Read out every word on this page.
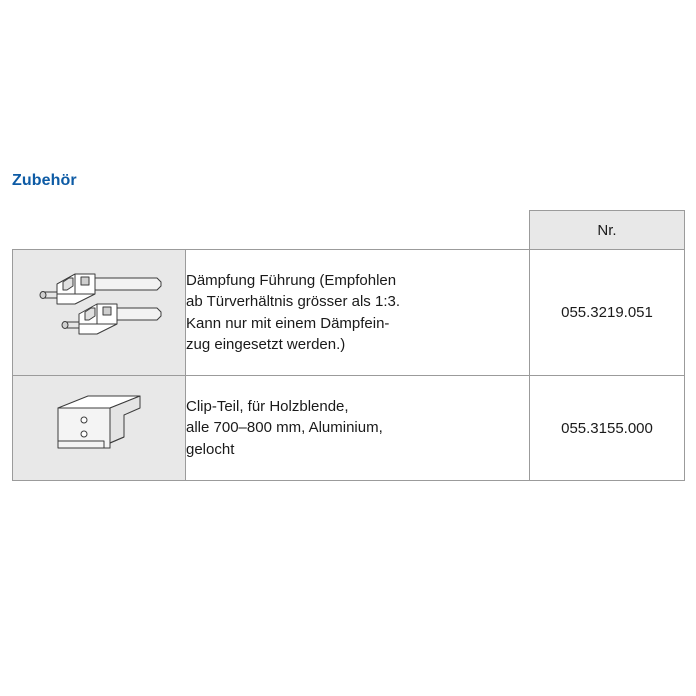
Zubehör
		Nr.

Dämpfung Führung (Empfohlen
ab Türverhältnis grösser als 1:3.
Kann nur mit einem Dämpfein-
zug eingesetzt werden.)	055.3219.051

Clip-Teil, für Holzblende,
alle 700–800 mm, Aluminium,
gelocht	055.3155.000
